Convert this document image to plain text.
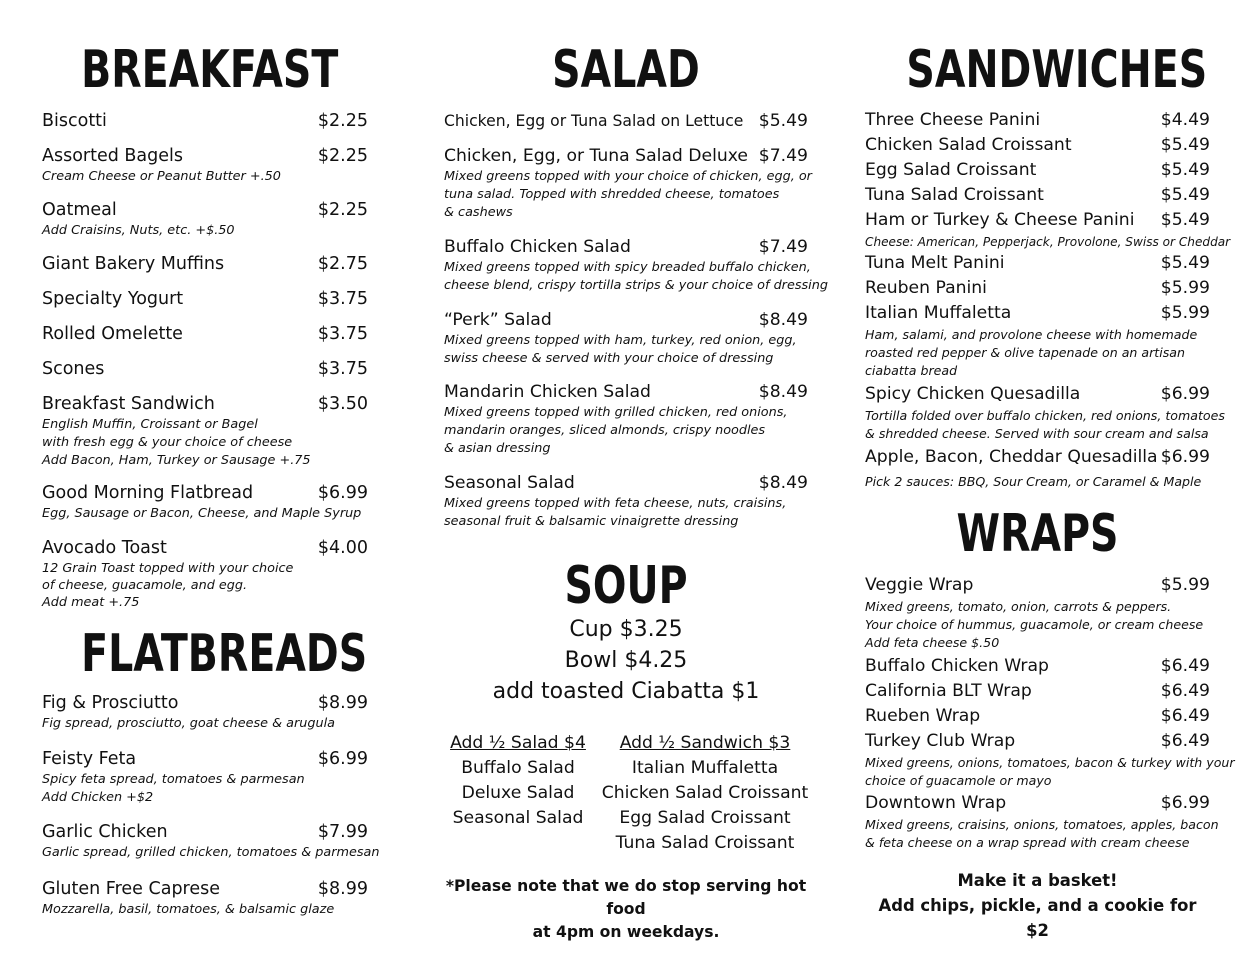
BREAKFAST
Biscotti	$2.25
Assorted Bagels	$2.25
Cream Cheese or Peanut Butter +.50
Oatmeal	$2.25
Add Craisins, Nuts, etc. +$.50
Giant Bakery Muffins	$2.75
Specialty Yogurt	$3.75
Rolled Omelette	$3.75
Scones	$3.75
Breakfast Sandwich	$3.50
English Muffin, Croissant or Bagel
with fresh egg & your choice of cheese
Add Bacon, Ham, Turkey or Sausage +.75
Good Morning Flatbread	$6.99
Egg, Sausage or Bacon, Cheese, and Maple Syrup
Avocado Toast	$4.00
12 Grain Toast topped with your choice
of cheese, guacamole, and egg.
Add meat +.75
FLATBREADS
Fig & Prosciutto	$8.99
Fig spread, prosciutto, goat cheese & arugula
Feisty Feta	$6.99
Spicy feta spread, tomatoes & parmesan
Add Chicken +$2
Garlic Chicken	$7.99
Garlic spread, grilled chicken, tomatoes & parmesan
Gluten Free Caprese	$8.99
Mozzarella, basil, tomatoes, & balsamic glaze
SALAD
Chicken, Egg or Tuna Salad on Lettuce $5.49
Chicken, Egg, or Tuna Salad Deluxe $7.49
Mixed greens topped with your choice of chicken, egg, or
tuna salad. Topped with shredded cheese, tomatoes
& cashews
Buffalo Chicken Salad	$7.49
Mixed greens topped with spicy breaded buffalo chicken,
cheese blend, crispy tortilla strips & your choice of dressing
“Perk” Salad	$8.49
Mixed greens topped with ham, turkey, red onion, egg,
swiss cheese & served with your choice of dressing
Mandarin Chicken Salad	$8.49
Mixed greens topped with grilled chicken, red onions,
mandarin oranges, sliced almonds, crispy noodles
& asian dressing
Seasonal Salad	$8.49
Mixed greens topped with feta cheese, nuts, craisins,
seasonal fruit & balsamic vinaigrette dressing
SOUP
Cup $3.25
Bowl $4.25
add toasted Ciabatta $1
Add ½ Salad $4
Buffalo Salad
Deluxe Salad
Seasonal Salad
Add ½ Sandwich $3
Italian Muffaletta
Chicken Salad Croissant
Egg Salad Croissant
Tuna Salad Croissant
*Please note that we do stop serving hot food
at 4pm on weekdays.
SANDWICHES
Three Cheese Panini	$4.49
Chicken Salad Croissant	$5.49
Egg Salad Croissant	$5.49
Tuna Salad Croissant	$5.49
Ham or Turkey & Cheese Panini $5.49
Cheese: American, Pepperjack, Provolone, Swiss or Cheddar
Tuna Melt Panini	$5.49
Reuben Panini	$5.99
Italian Muffaletta	$5.99
Ham, salami, and provolone cheese with homemade
roasted red pepper & olive tapenade on an artisan
ciabatta bread
Spicy Chicken Quesadilla	$6.99
Tortilla folded over buffalo chicken, red onions, tomatoes
& shredded cheese. Served with sour cream and salsa
Apple, Bacon, Cheddar Quesadilla $6.99
Pick 2 sauces: BBQ, Sour Cream, or Caramel & Maple
WRAPS
Veggie Wrap	$5.99
Mixed greens, tomato, onion, carrots & peppers.
Your choice of hummus, guacamole, or cream cheese
Add feta cheese $.50
Buffalo Chicken Wrap	$6.49
California BLT Wrap	$6.49
Rueben Wrap	$6.49
Turkey Club Wrap	$6.49
Mixed greens, onions, tomatoes, bacon & turkey with your
choice of guacamole or mayo
Downtown Wrap	$6.99
Mixed greens, craisins, onions, tomatoes, apples, bacon
& feta cheese on a wrap spread with cream cheese
Make it a basket!
Add chips, pickle, and a cookie for $2
